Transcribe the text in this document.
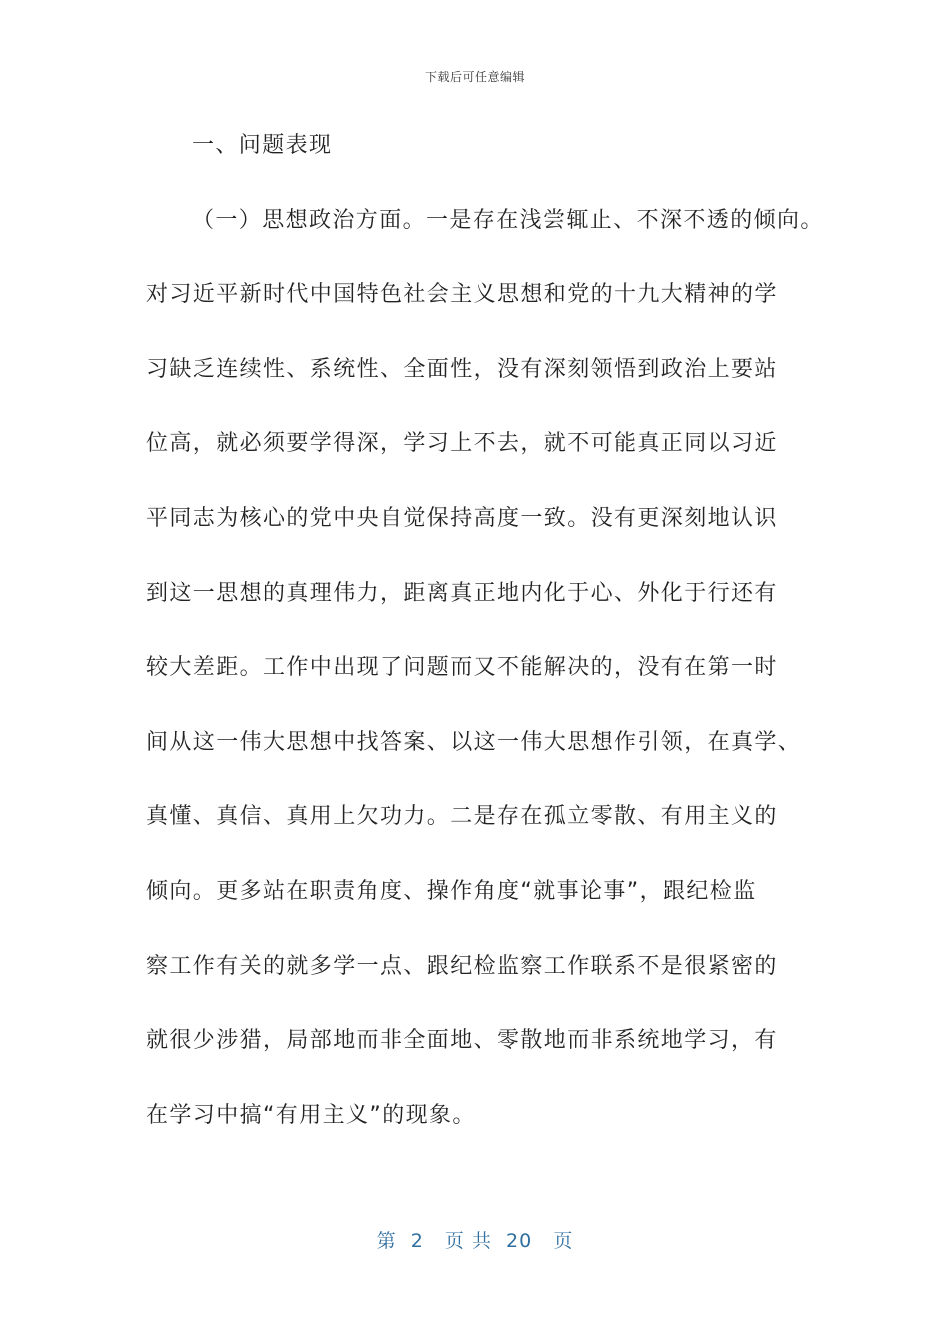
下载后可任意编辑
一、问题表现
（一）思想政治方面。一是存在浅尝辄止、不深不透的倾向。
对习近平新时代中国特色社会主义思想和党的十九大精神的学
习缺乏连续性、系统性、全面性，没有深刻领悟到政治上要站
位高，就必须要学得深，学习上不去，就不可能真正同以习近
平同志为核心的党中央自觉保持高度一致。没有更深刻地认识
到这一思想的真理伟力，距离真正地内化于心、外化于行还有
较大差距。工作中出现了问题而又不能解决的，没有在第一时
间从这一伟大思想中找答案、以这一伟大思想作引领，在真学、
真懂、真信、真用上欠功力。二是存在孤立零散、有用主义的
倾向。更多站在职责角度、操作角度“就事论事”，跟纪检监
察工作有关的就多学一点、跟纪检监察工作联系不是很紧密的
就很少涉猎，局部地而非全面地、零散地而非系统地学习，有
在学习中搞“有用主义”的现象。
第  2   页 共  20   页
